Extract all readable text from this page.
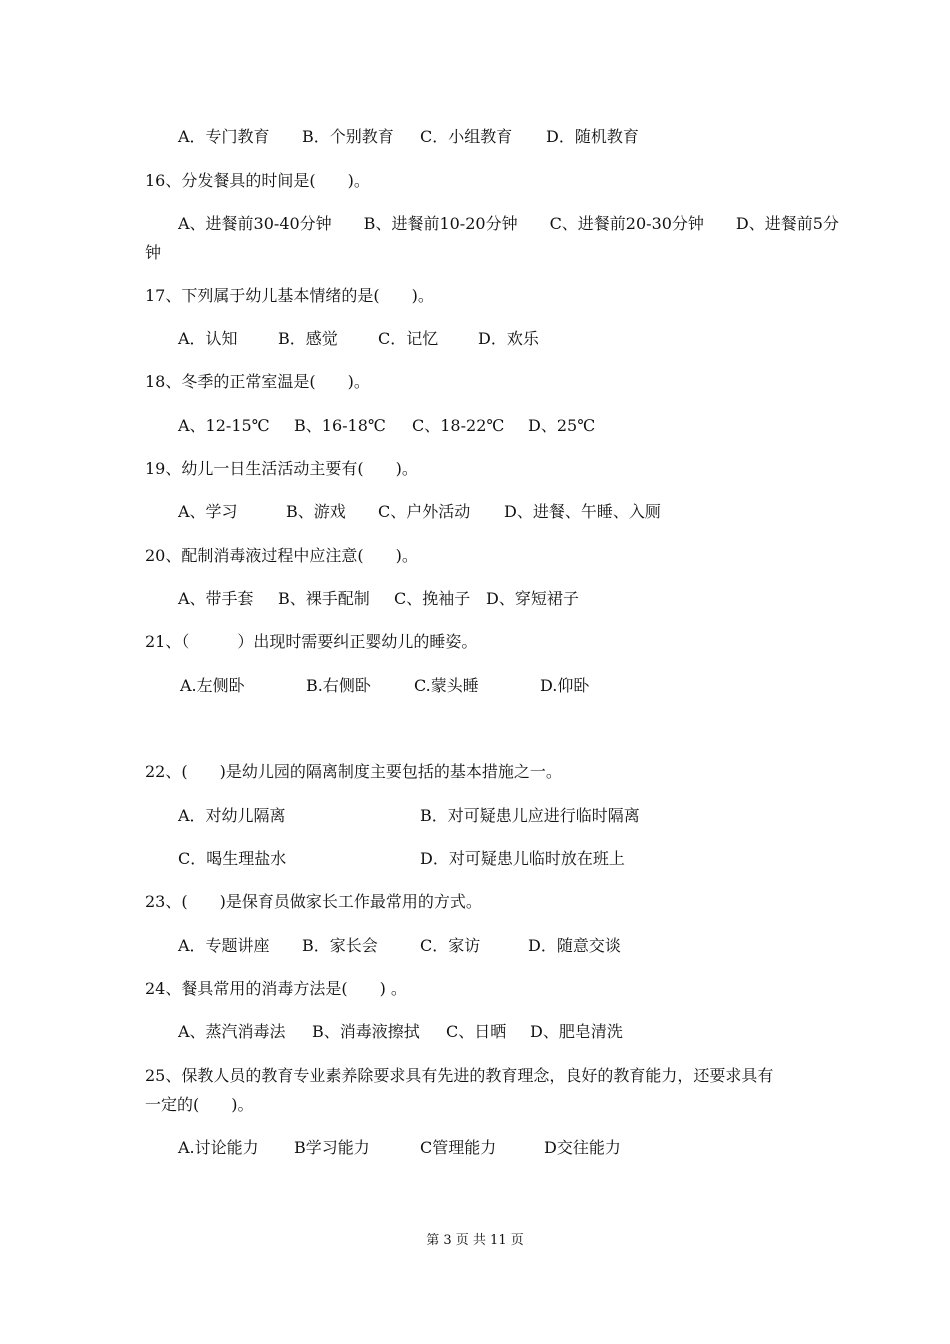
A．专门教育 B．个别教育 C．小组教育 D．随机教育
16、分发餐具的时间是(　　)。
A、进餐前30-40分钟　　B、进餐前10-20分钟　　C、进餐前20-30分钟　　D、进餐前5分
钟
17、下列属于幼儿基本情绪的是(　　)。
A．认知	B．感觉	C．记忆 D．欢乐
18、冬季的正常室温是(　　)。
A、12-15℃ B、16-18℃ C、18-22℃ D、25℃
19、幼儿一日生活活动主要有(　　)。
A、学习	B、游戏 C、户外活动 D、进餐、午睡、入厕
20、配制消毒液过程中应注意(　　)。
A、带手套 B、裸手配制 C、挽袖子 D、穿短裙子
21、（　　　）出现时需要纠正婴幼儿的睡姿。
A.左侧卧	B.右侧卧	C.蒙头睡	D.仰卧
22、(　　)是幼儿园的隔离制度主要包括的基本措施之一。
A．对幼儿隔离	B．对可疑患儿应进行临时隔离
C．喝生理盐水	D．对可疑患儿临时放在班上
23、(　　)是保育员做家长工作最常用的方式。
A．专题讲座 B．家长会	C．家访	D．随意交谈
24、餐具常用的消毒方法是(　　) 。
A、蒸汽消毒法 B、消毒液擦拭 C、日晒 D、肥皂清洗
25、保教人员的教育专业素养除要求具有先进的教育理念，良好的教育能力，还要求具有
一定的(　　)。
A.讨论能力 B学习能力	C管理能力	D交往能力
第 3 页 共 11 页
